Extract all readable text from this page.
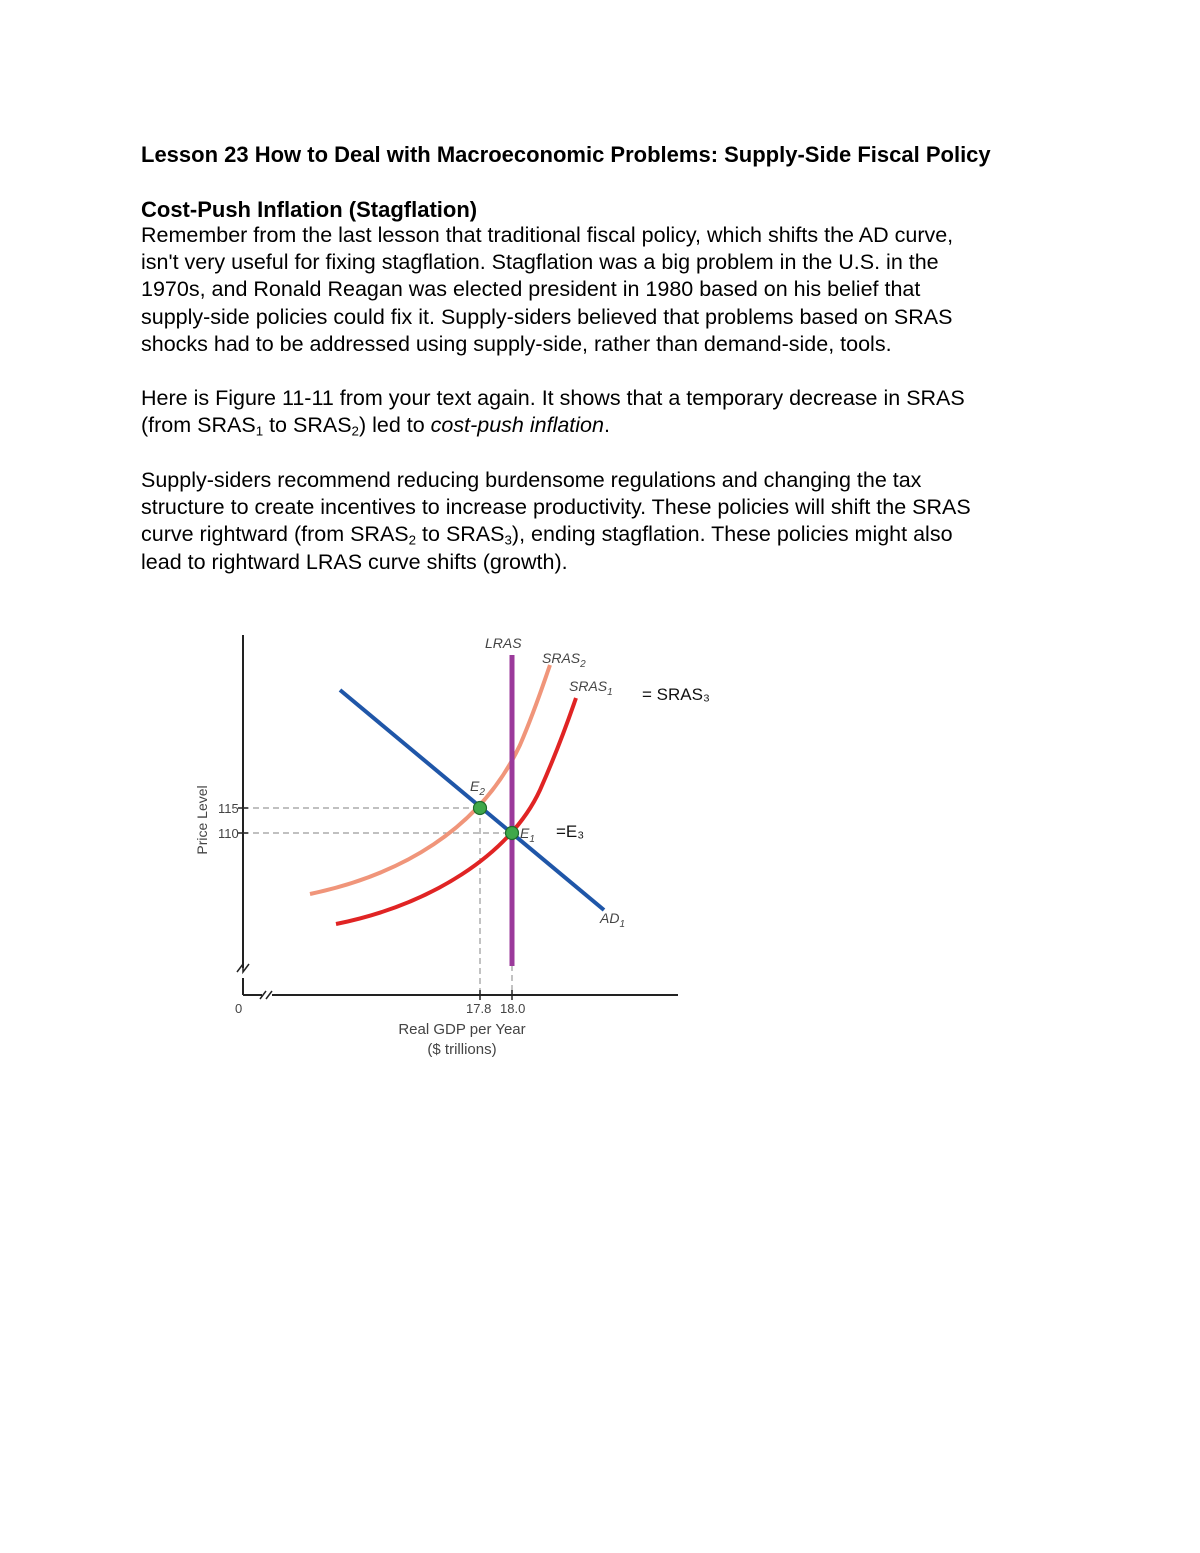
Lesson 23 How to Deal with Macroeconomic Problems: Supply-Side Fiscal Policy
Cost-Push Inflation (Stagflation)

Remember from the last lesson that traditional fiscal policy, which shifts the AD curve,
isn't very useful for fixing stagflation. Stagflation was a big problem in the U.S. in the
1970s, and Ronald Reagan was elected president in 1980 based on his belief that
supply-side policies could fix it. Supply-siders believed that problems based on SRAS
shocks had to be addressed using supply-side, rather than demand-side, tools.

Here is Figure 11-11 from your text again. It shows that a temporary decrease in SRAS
(from $SRAS_1$ to $SRAS_2$) led to cost-push inflation.

Supply-siders recommend reducing burdensome regulations and changing the tax
structure to create incentives to increase productivity. These policies will shift the SRAS
curve rightward (from $SRAS_2$ to $SRAS_3$), ending stagflation. These policies might also
lead to rightward LRAS curve shifts (growth).

LRAS
$SRAS_2$
$SRAS_1$ = SRAS₃
$AD_1$
$E_2$
$E_1 =E_3$
115
110
17.8 18.0
0
Price Level
Real GDP per Year
($ trillions)
